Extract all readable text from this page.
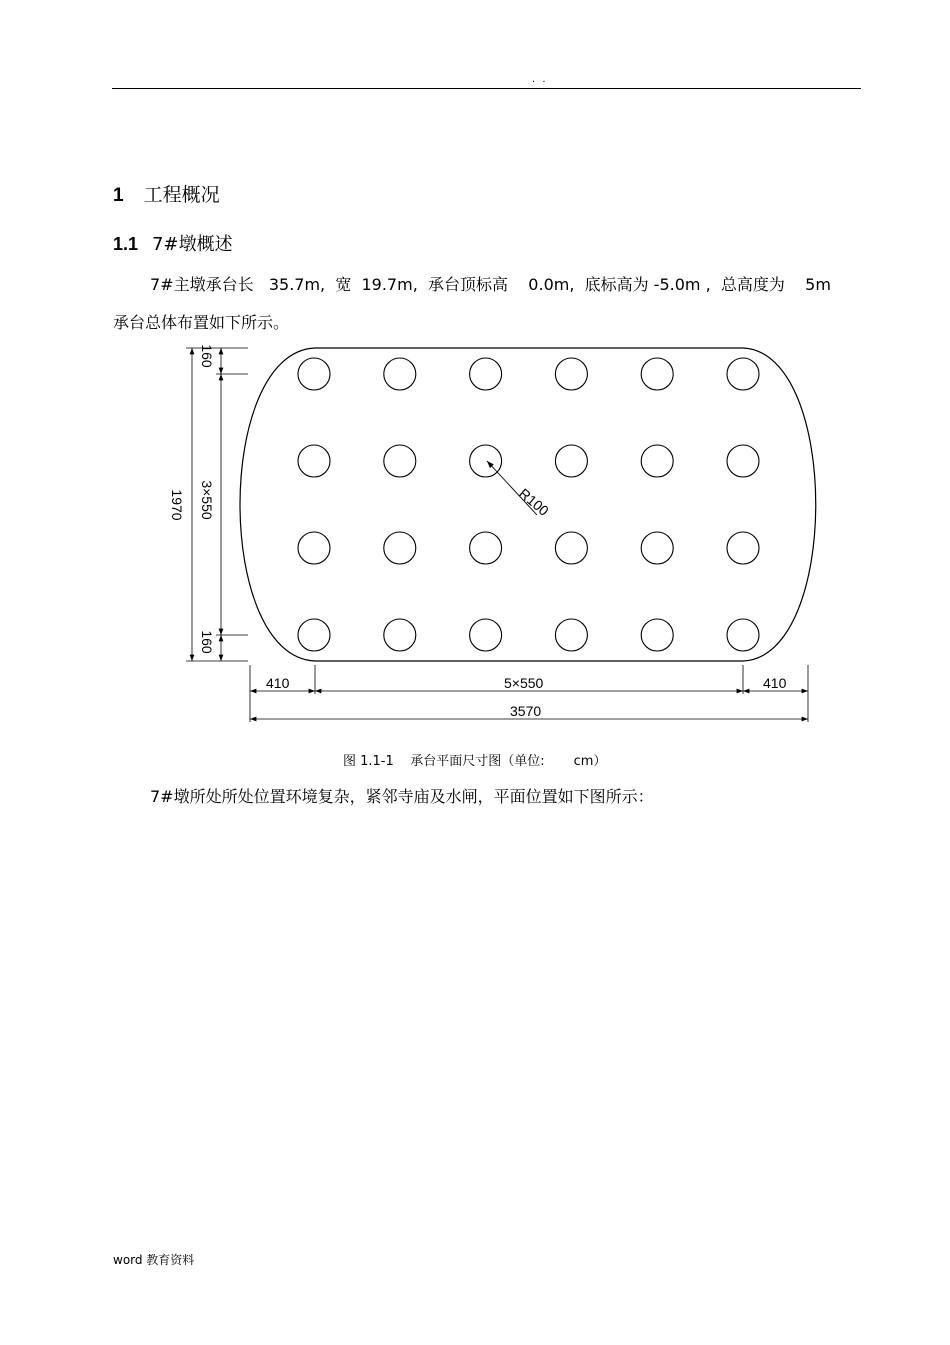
. .
1 工程概况
1.1 7#墩概述
7#主墩承台长   35.7m,  宽  19.7m,  承台顶标高    0.0m,  底标高为 -5.0m ,  总高度为    5m
承台总体布置如下所示。
R100
410	5×550	410
3570
1970
160
3×550
160
图 1.1-1    承台平面尺寸图（单位:       cm）
7#墩所处所处位置环境复杂，紧邻寺庙及水闸，平面位置如下图所示：
word 教育资料
